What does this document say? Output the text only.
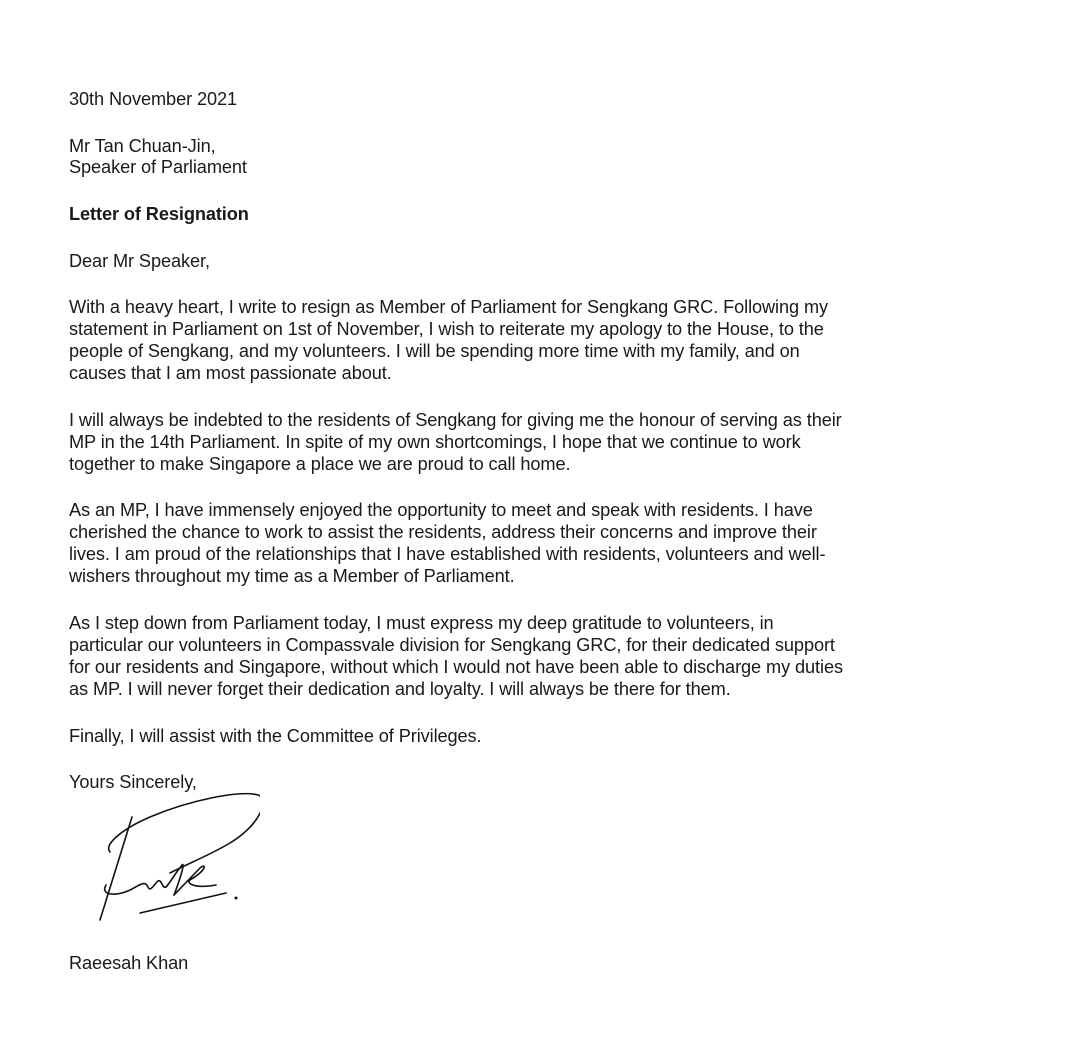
30th November 2021
Mr Tan Chuan-Jin,
Speaker of Parliament
Letter of Resignation
Dear Mr Speaker,
With a heavy heart, I write to resign as Member of Parliament for Sengkang GRC. Following my
statement in Parliament on 1st of November, I wish to reiterate my apology to the House, to the
people of Sengkang, and my volunteers. I will be spending more time with my family, and on
causes that I am most passionate about.
I will always be indebted to the residents of Sengkang for giving me the honour of serving as their
MP in the 14th Parliament. In spite of my own shortcomings, I hope that we continue to work
together to make Singapore a place we are proud to call home.
As an MP, I have immensely enjoyed the opportunity to meet and speak with residents. I have
cherished the chance to work to assist the residents, address their concerns and improve their
lives. I am proud of the relationships that I have established with residents, volunteers and well-
wishers throughout my time as a Member of Parliament.
As I step down from Parliament today, I must express my deep gratitude to volunteers, in
particular our volunteers in Compassvale division for Sengkang GRC, for their dedicated support
for our residents and Singapore, without which I would not have been able to discharge my duties
as MP. I will never forget their dedication and loyalty. I will always be there for them.
Finally, I will assist with the Committee of Privileges.
Yours Sincerely,
Raeesah Khan
